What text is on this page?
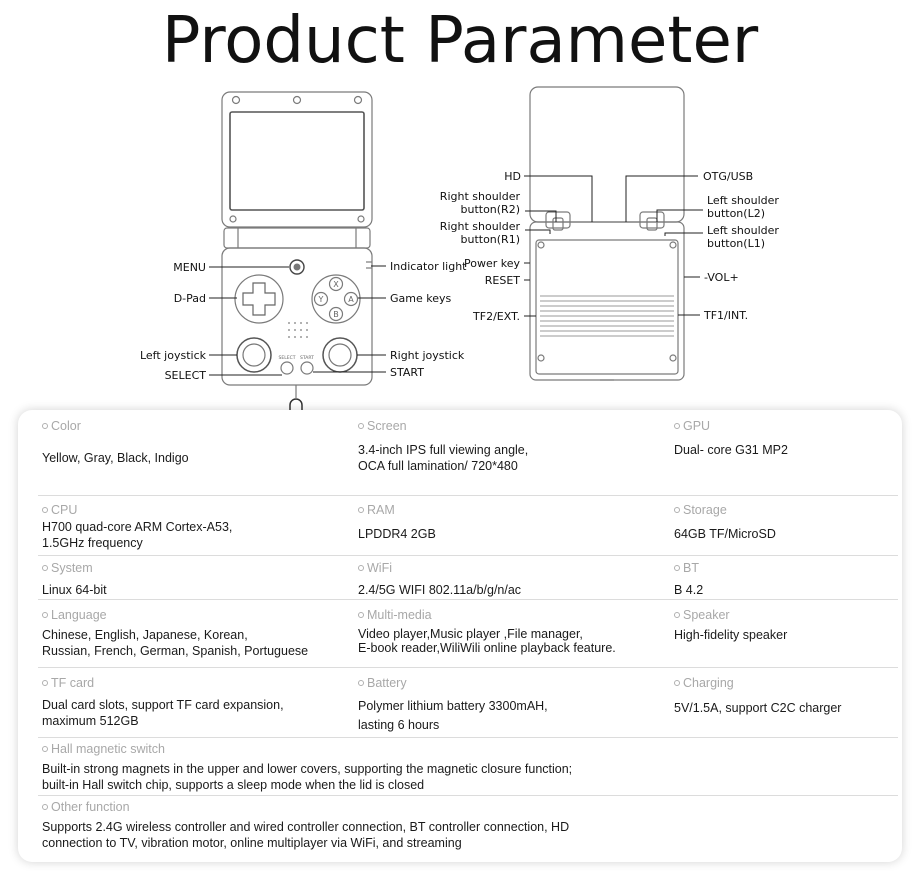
Product Parameter
X
Y	A
B
SELECT START
MENU
D-Pad
Left joystick
SELECT
Indicator light
Game keys
Right joystick
START
HD
Right shoulder
button(R2)
Right shoulder
button(R1)
Power key
RESET
TF2/EXT.
OTG/USB
Left shoulder
button(L2)
Left shoulder
button(L1)
-VOL+
TF1/INT.
Color
Yellow, Gray, Black, Indigo
Screen
3.4-inch IPS full viewing angle,
OCA full lamination/ 720*480
GPU
Dual- core G31 MP2
CPU
H700 quad-core ARM Cortex-A53,
1.5GHz frequency
RAM
LPDDR4 2GB
Storage
64GB TF/MicroSD
System
Linux 64-bit
WiFi
2.4/5G WIFI 802.11a/b/g/n/ac
BT
B 4.2
Language
Chinese, English, Japanese, Korean,
Russian, French, German, Spanish, Portuguese
Multi-media
Video player,Music player ,File manager,
E-book reader,WiliWili online playback feature.
Speaker
High-fidelity speaker
TF card
Dual card slots, support TF card expansion,
maximum 512GB
Battery
Polymer lithium battery 3300mAH,
lasting 6 hours
Charging
5V/1.5A, support C2C charger
Hall magnetic switch
Built-in strong magnets in the upper and lower covers, supporting the magnetic closure function;
built-in Hall switch chip, supports a sleep mode when the lid is closed
Other function
Supports 2.4G wireless controller and wired controller connection, BT controller connection, HD
connection to TV, vibration motor, online multiplayer via WiFi, and streaming
